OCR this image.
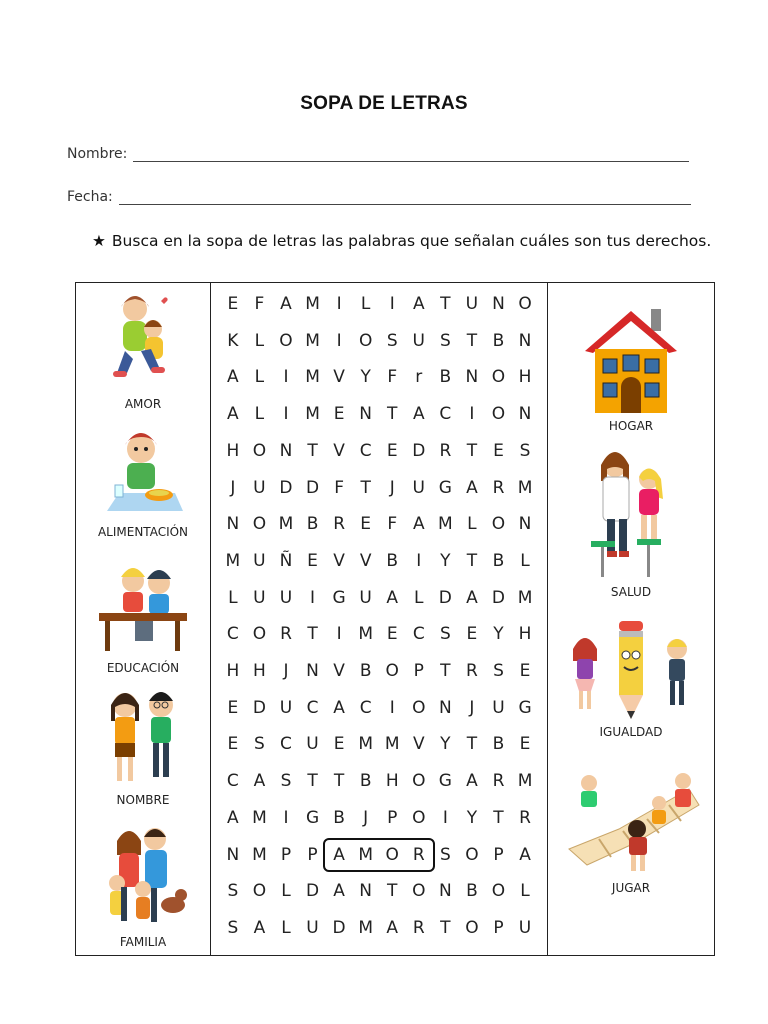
SOPA DE LETRAS
Nombre:
Fecha:
★ Busca en la sopa de letras las palabras que señalan cuáles son tus derechos.
AMOR
ALIMENTACIÓN
EDUCACIÓN
NOMBRE
FAMILIA
E F A M I	L	I	A T U N O
K L O M I	O S U S T B N
A L	I M V Y F	r	B N O H
A L	I M E N T A C	I	O N
H O N T V C E D R T E S
J	U D D F T	J	U G A R M
N O M B R E F A M L O N
M U Ñ E V V B	I	Y T B L
L U U	I	G U A L D A D M
C O R T	I M E C S E Y H
H H	J	N V B O P T R S E
E D U C A C	I	O N	J	U G
E S C U E M M V Y T B E
C A S T T B H O G A R M
A M I	G B	J	P O	I	Y T R
N M P P A M O R S O P A
S O L D A N T O N B O L
S A L U D M A R T O P U
HOGAR
SALUD
IGUALDAD
JUGAR
